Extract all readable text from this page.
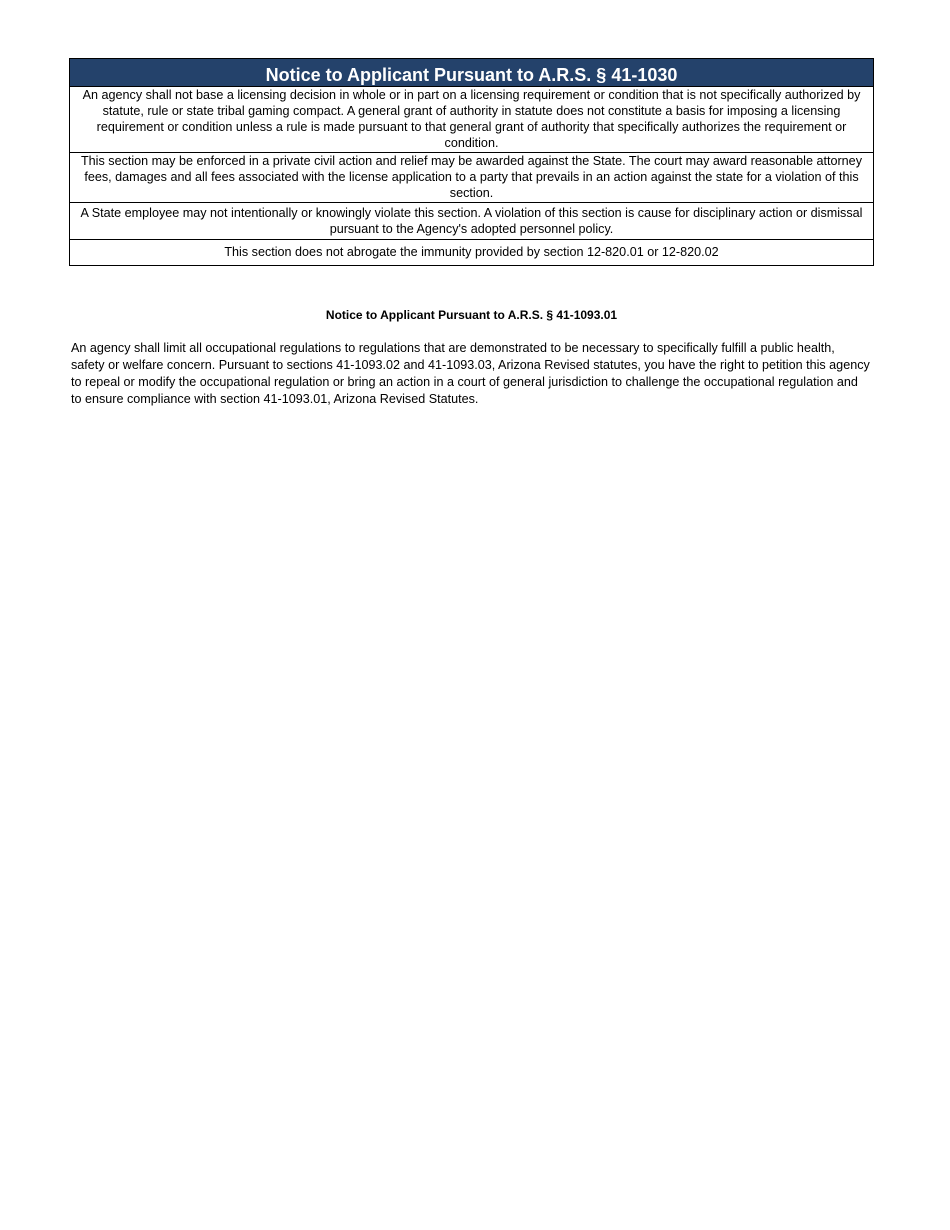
Notice to Applicant Pursuant to A.R.S. § 41-1030
An agency shall not base a licensing decision in whole or in part on a licensing requirement or condition that is not specifically authorized by statute, rule or state tribal gaming compact. A general grant of authority in statute does not constitute a basis for imposing a licensing requirement or condition unless a rule is made pursuant to that general grant of authority that specifically authorizes the requirement or condition.
This section may be enforced in a private civil action and relief may be awarded against the State. The court may award reasonable attorney fees, damages and all fees associated with the license application to a party that prevails in an action against the state for a violation of this section.
A State employee may not intentionally or knowingly violate this section. A violation of this section is cause for disciplinary action or dismissal pursuant to the Agency's adopted personnel policy.
This section does not abrogate the immunity provided by section 12-820.01 or 12-820.02
Notice to Applicant Pursuant to A.R.S. § 41-1093.01
An agency shall limit all occupational regulations to regulations that are demonstrated to be necessary to specifically fulfill a public health, safety or welfare concern. Pursuant to sections 41-1093.02 and 41-1093.03, Arizona Revised statutes, you have the right to petition this agency to repeal or modify the occupational regulation or bring an action in a court of general jurisdiction to challenge the occupational regulation and to ensure compliance with section 41-1093.01, Arizona Revised Statutes.
